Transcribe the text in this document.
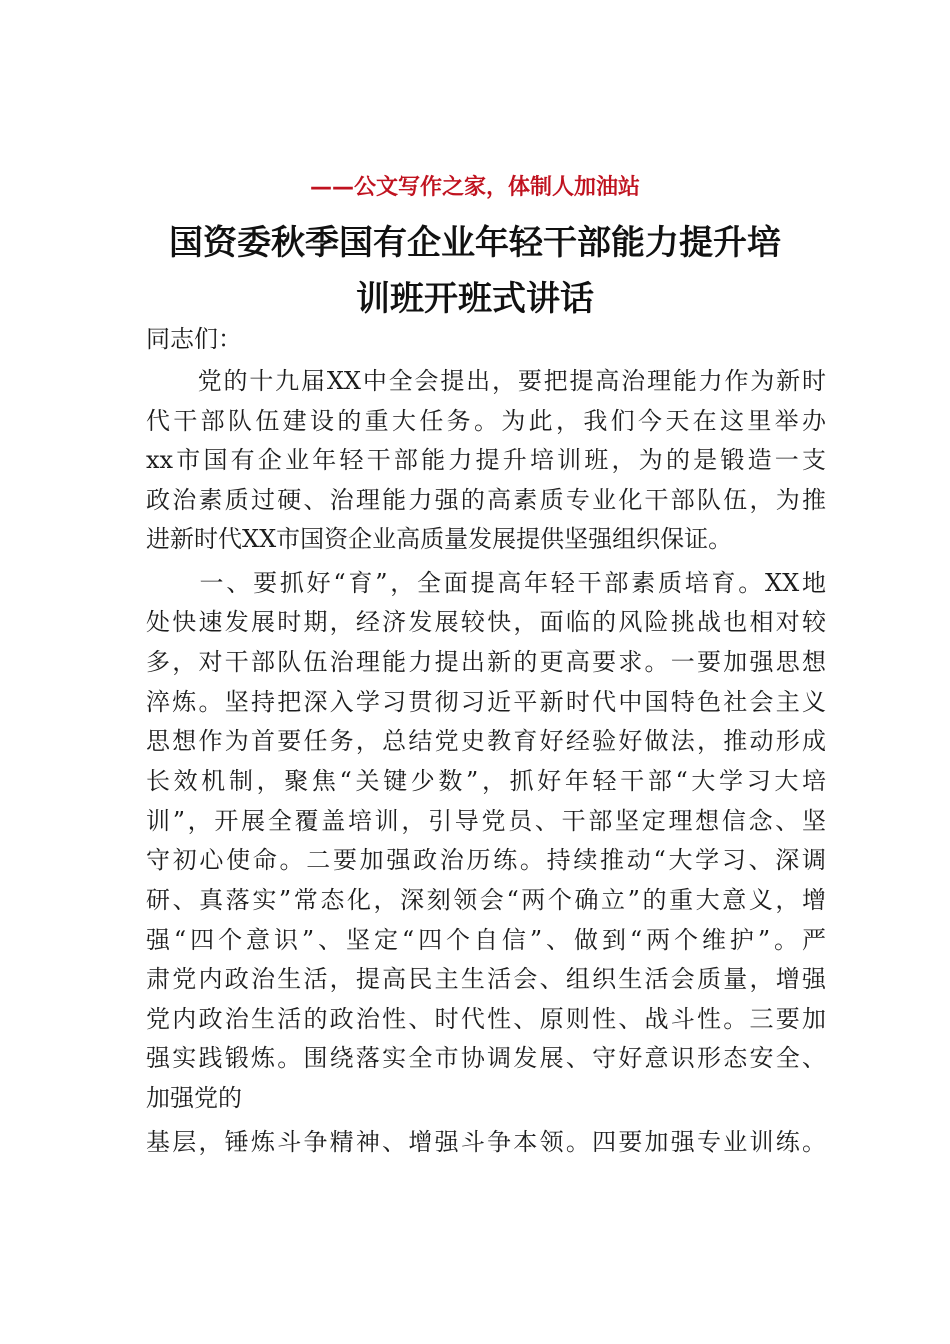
——公文写作之家，体制人加油站
国资委秋季国有企业年轻干部能力提升培
训班开班式讲话
同志们：
　　党的十九届XX中全会提出，要把提高治理能力作为新时
代干部队伍建设的重大任务。为此，我们今天在这里举办
xx市国有企业年轻干部能力提升培训班，为的是锻造一支
政治素质过硬、治理能力强的高素质专业化干部队伍，为推
进新时代XX市国资企业高质量发展提供坚强组织保证。
　　一、要抓好“育”，全面提高年轻干部素质培育。XX地
处快速发展时期，经济发展较快，面临的风险挑战也相对较
多，对干部队伍治理能力提出新的更高要求。一要加强思想
淬炼。坚持把深入学习贯彻习近平新时代中国特色社会主义
思想作为首要任务，总结党史教育好经验好做法，推动形成
长效机制，聚焦“关键少数”，抓好年轻干部“大学习大培
训”，开展全覆盖培训，引导党员、干部坚定理想信念、坚
守初心使命。二要加强政治历练。持续推动“大学习、深调
研、真落实”常态化，深刻领会“两个确立”的重大意义，增
强“四个意识”、坚定“四个自信”、做到“两个维护”。严
肃党内政治生活，提高民主生活会、组织生活会质量，增强
党内政治生活的政治性、时代性、原则性、战斗性。三要加
强实践锻炼。围绕落实全市协调发展、守好意识形态安全、
加强党的
基层，锤炼斗争精神、增强斗争本领。四要加强专业训练。
